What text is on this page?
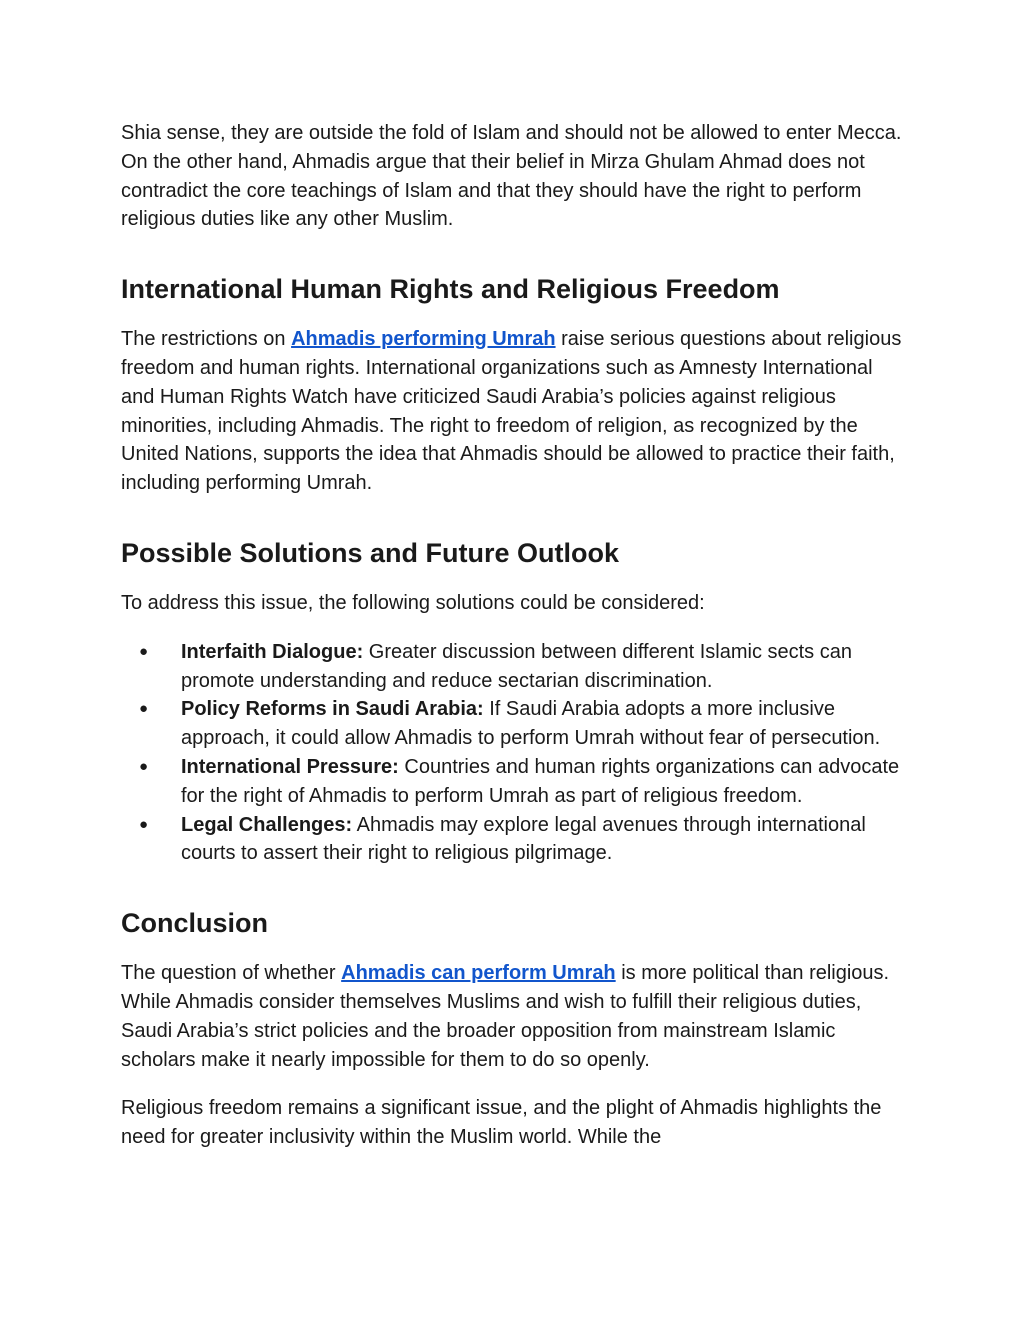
Shia sense, they are outside the fold of Islam and should not be allowed to enter Mecca. On the other hand, Ahmadis argue that their belief in Mirza Ghulam Ahmad does not contradict the core teachings of Islam and that they should have the right to perform religious duties like any other Muslim.

International Human Rights and Religious Freedom

The restrictions on Ahmadis performing Umrah raise serious questions about religious freedom and human rights. International organizations such as Amnesty International and Human Rights Watch have criticized Saudi Arabia’s policies against religious minorities, including Ahmadis. The right to freedom of religion, as recognized by the United Nations, supports the idea that Ahmadis should be allowed to practice their faith, including performing Umrah.

Possible Solutions and Future Outlook

To address this issue, the following solutions could be considered:

● Interfaith Dialogue: Greater discussion between different Islamic sects can promote understanding and reduce sectarian discrimination.
● Policy Reforms in Saudi Arabia: If Saudi Arabia adopts a more inclusive approach, it could allow Ahmadis to perform Umrah without fear of persecution.
● International Pressure: Countries and human rights organizations can advocate for the right of Ahmadis to perform Umrah as part of religious freedom.
● Legal Challenges: Ahmadis may explore legal avenues through international courts to assert their right to religious pilgrimage.
Conclusion

The question of whether Ahmadis can perform Umrah is more political than religious. While Ahmadis consider themselves Muslims and wish to fulfill their religious duties, Saudi Arabia’s strict policies and the broader opposition from mainstream Islamic scholars make it nearly impossible for them to do so openly.

Religious freedom remains a significant issue, and the plight of Ahmadis highlights the need for greater inclusivity within the Muslim world. While the
